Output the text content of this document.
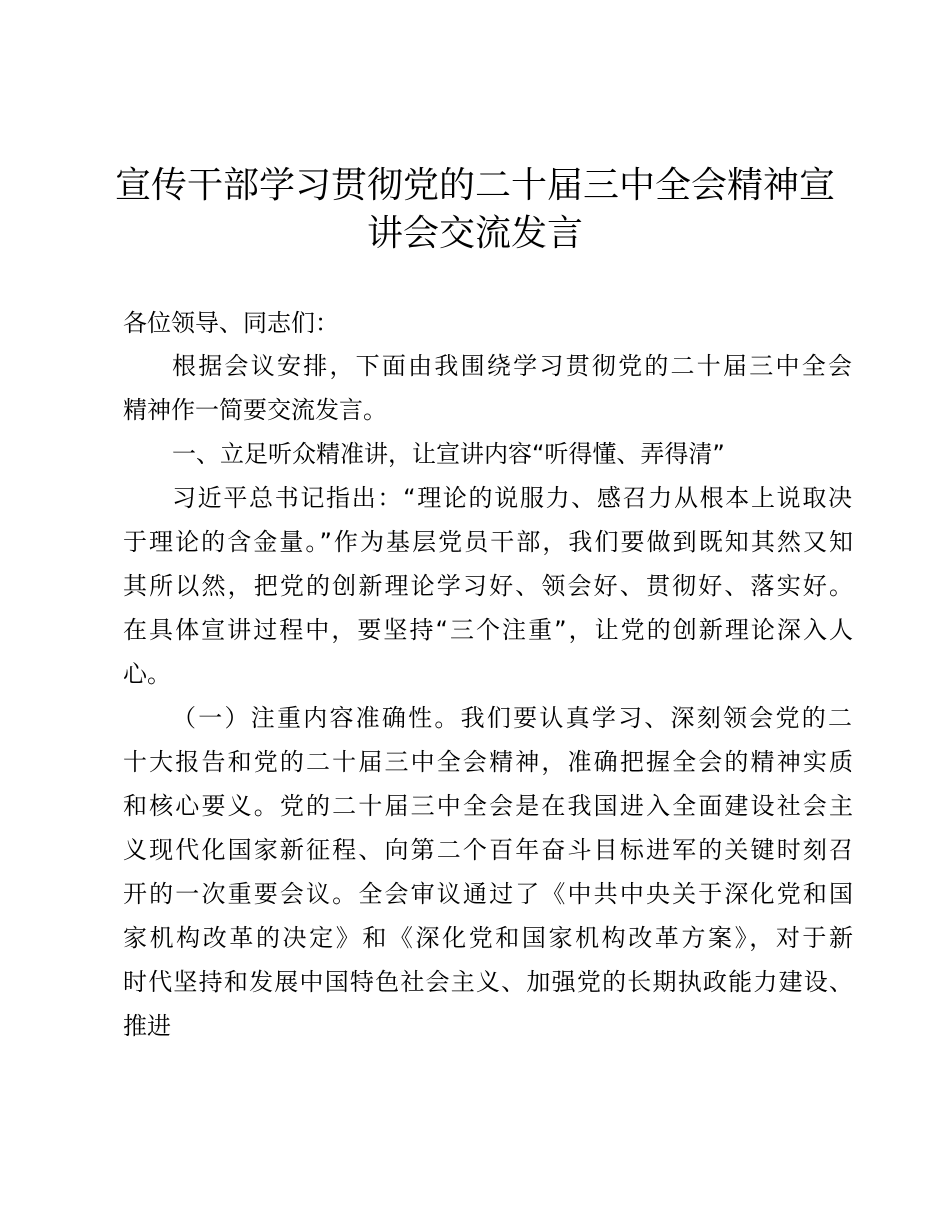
宣传干部学习贯彻党的二十届三中全会精神宣
讲会交流发言

各位领导、同志们：

根据会议安排，下面由我围绕学习贯彻党的二十届三中全会

精神作一简要交流发言。

一、立足听众精准讲，让宣讲内容“听得懂、弄得清”

习近平总书记指出：“理论的说服力、感召力从根本上说取决

于理论的含金量。”作为基层党员干部，我们要做到既知其然又知

其所以然，把党的创新理论学习好、领会好、贯彻好、落实好。

在具体宣讲过程中，要坚持“三个注重”，让党的创新理论深入人

心。

（一）注重内容准确性。我们要认真学习、深刻领会党的二

十大报告和党的二十届三中全会精神，准确把握全会的精神实质

和核心要义。党的二十届三中全会是在我国进入全面建设社会主

义现代化国家新征程、向第二个百年奋斗目标进军的关键时刻召

开的一次重要会议。全会审议通过了《中共中央关于深化党和国

家机构改革的决定》和《深化党和国家机构改革方案》，对于新

时代坚持和发展中国特色社会主义、加强党的长期执政能力建设、

推进
